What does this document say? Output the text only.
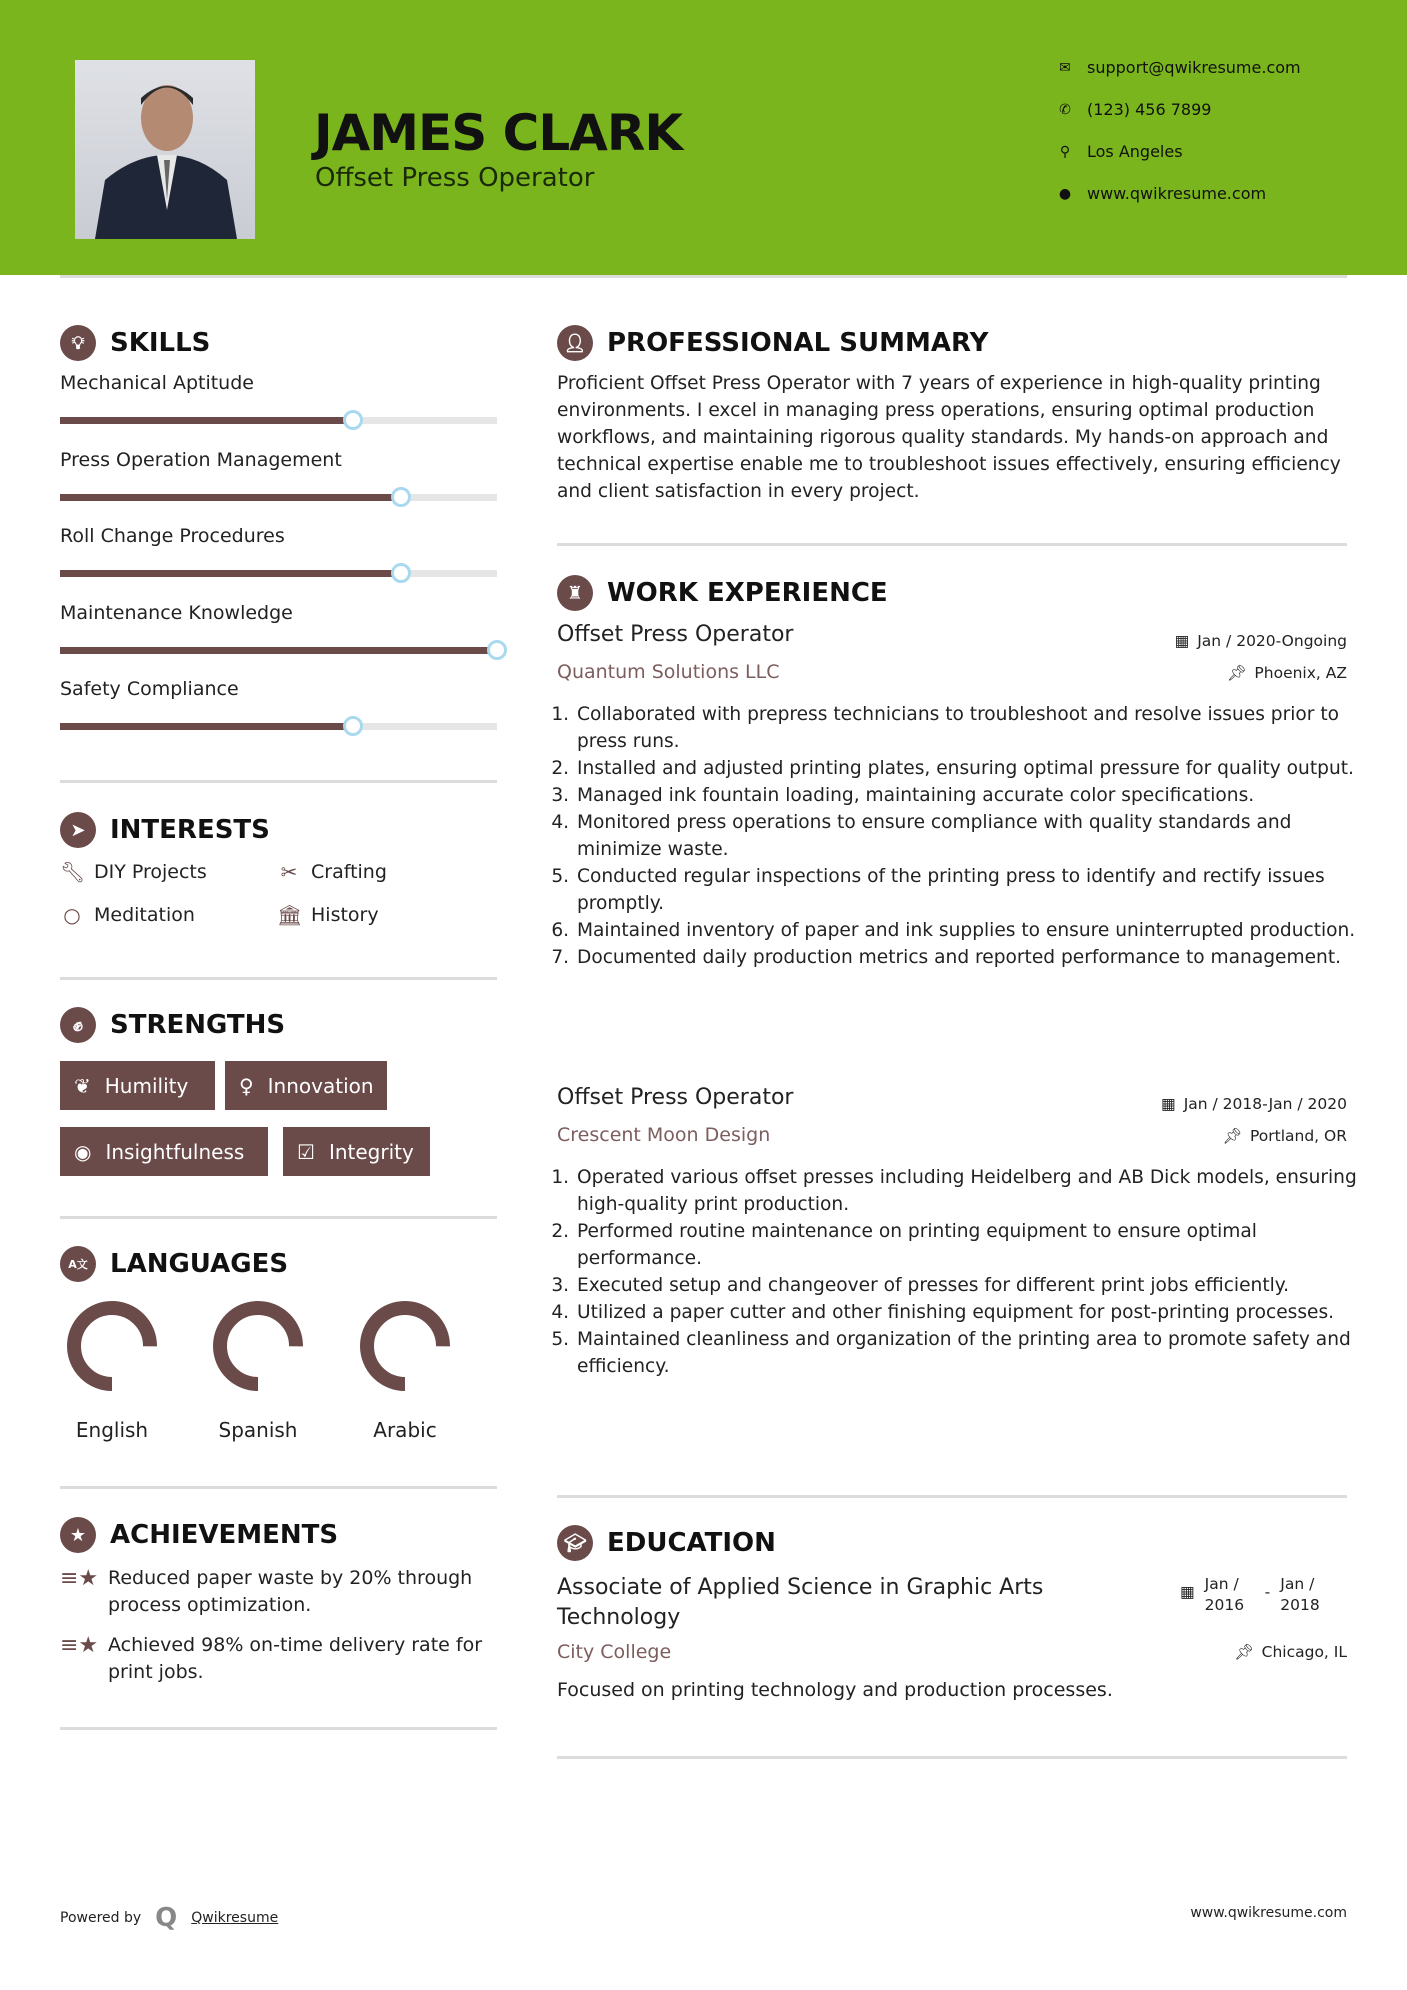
JAMES CLARK
Offset Press Operator
✉ support@qwikresume.com
✆ (123) 456 7899
⚲ Los Angeles
● www.qwikresume.com
💡︎ SKILLS
Mechanical Aptitude
Press Operation Management
Roll Change Procedures
Maintenance Knowledge
Safety Compliance
➤ INTERESTS
🔧︎ DIY Projects	✂ Crafting
○ Meditation	🏛︎ History
✊︎	STRENGTHS
❦ Humility	♀ Innovation
◉ Insightfulness	☑ Integrity
A文 LANGUAGES
English	Spanish	Arabic
★ ACHIEVEMENTS
≡★ Reduced paper waste by 20% through process optimization.
≡★ Achieved 98% on-time delivery rate for print jobs.
👤︎ PROFESSIONAL SUMMARY
Proficient Offset Press Operator with 7 years of experience in high-quality printing environments. I excel in managing press operations, ensuring optimal production workflows, and maintaining rigorous quality standards. My hands-on approach and technical expertise enable me to troubleshoot issues effectively, ensuring efficiency and client satisfaction in every project.
♜ WORK EXPERIENCE
Offset Press Operator	▦ Jan / 2020-Ongoing
Quantum Solutions LLC	📌︎ Phoenix, AZ
1. Collaborated with prepress technicians to troubleshoot and resolve issues prior to press runs.
2. Installed and adjusted printing plates, ensuring optimal pressure for quality output.
3. Managed ink fountain loading, maintaining accurate color specifications.
4. Monitored press operations to ensure compliance with quality standards and minimize waste.
5. Conducted regular inspections of the printing press to identify and rectify issues promptly.
6. Maintained inventory of paper and ink supplies to ensure uninterrupted production.
7. Documented daily production metrics and reported performance to management.
Offset Press Operator	▦ Jan / 2018-Jan / 2020
Crescent Moon Design	📌︎ Portland, OR
1. Operated various offset presses including Heidelberg and AB Dick models, ensuring high-quality print production.
2. Performed routine maintenance on printing equipment to ensure optimal performance.
3. Executed setup and changeover of presses for different print jobs efficiently.
4. Utilized a paper cutter and other finishing equipment for post-printing processes.
5. Maintained cleanliness and organization of the printing area to promote safety and efficiency.
🎓︎ EDUCATION
Associate of Applied Science in Graphic Arts Technology
▦ Jan / 2016
- Jan / 2018
City College	📌︎ Chicago, IL
Focused on printing technology and production processes.
Powered by Q Qwikresume	www.qwikresume.com
